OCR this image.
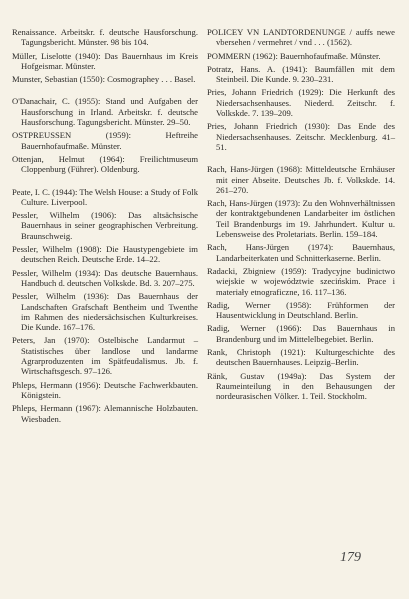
Renaissance. Arbeitskr. f. deutsche Hausforschung. Tagungsbericht. Münster. 98 bis 104.
Müller, Liselotte (1940): Das Bauernhaus im Kreis Hofgeismar. Münster.
Munster, Sebastian (1550): Cosmographey . . . Basel.
O'Danachair, C. (1955): Stand und Aufgaben der Hausforschung in Irland. Arbeitskr. f. deutsche Hausforschung. Tagungsbericht. Münster. 29–50.
OSTPREUSSEN (1959): Heftreihe Bauernhofaufmaße. Münster.
Ottenjan, Helmut (1964): Freilichtmuseum Cloppenburg (Führer). Oldenburg.
Peate, I. C. (1944): The Welsh House: a Study of Folk Culture. Liverpool.
Pessler, Wilhelm (1906): Das altsächsische Bauernhaus in seiner geographischen Verbreitung. Braunschweig.
Pessler, Wilhelm (1908): Die Haustypengebiete im deutschen Reich. Deutsche Erde. 14–22.
Pessler, Wilhelm (1934): Das deutsche Bauernhaus. Handbuch d. deutschen Volkskde. Bd. 3. 207–275.
Pessler, Wilhelm (1936): Das Bauernhaus der Landschaften Grafschaft Bentheim und Twenthe im Rahmen des niedersächsischen Kulturkreises. Die Kunde. 167–176.
Peters, Jan (1970): Ostelbische Landarmut – Statistisches über landlose und landarme Agrarproduzenten im Spätfeudalismus. Jb. f. Wirtschaftsgesch. 97–126.
Phleps, Hermann (1956): Deutsche Fachwerkbauten. Königstein.
Phleps, Hermann (1967): Alemannische Holzbauten. Wiesbaden.
POLICEY VN LANDTORDENUNGE / auffs newe vbersehen / vermehret / vnd . . . (1562).
POMMERN (1962): Bauernhofaufmaße. Münster.
Potratz, Hans. A. (1941): Baumfällen mit dem Steinbeil. Die Kunde. 9. 230–231.
Pries, Johann Friedrich (1929): Die Herkunft des Niedersachsenhauses. Niederd. Zeitschr. f. Volkskde. 7. 139–209.
Pries, Johann Friedrich (1930): Das Ende des Niedersachsenhauses. Zeitschr. Mecklenburg. 41–51.
Rach, Hans-Jürgen (1968): Mitteldeutsche Ernhäuser mit einer Abseite. Deutsches Jb. f. Volkskde. 14. 261–270.
Rach, Hans-Jürgen (1973): Zu den Wohnverhältnissen der kontraktgebundenen Landarbeiter im östlichen Teil Brandenburgs im 19. Jahrhundert. Kultur u. Lebensweise des Proletariats. Berlin. 159–184.
Rach, Hans-Jürgen (1974): Bauernhaus, Landarbeiterkaten und Schnitterkaserne. Berlin.
Radacki, Zbigniew (1959): Tradycyjne budinictwo wiejskie w województwie szecińskim. Prace i materiały etnograficzne, 16. 117–136.
Radig, Werner (1958): Frühformen der Hausentwicklung in Deutschland. Berlin.
Radig, Werner (1966): Das Bauernhaus in Brandenburg und im Mittelelbegebiet. Berlin.
Rank, Christoph (1921): Kulturgeschichte des deutschen Bauernhauses. Leipzig–Berlin.
Ränk, Gustav (1949a): Das System der Raumeinteilung in den Behausungen der nordeurasischen Völker. 1. Teil. Stockholm.
179
